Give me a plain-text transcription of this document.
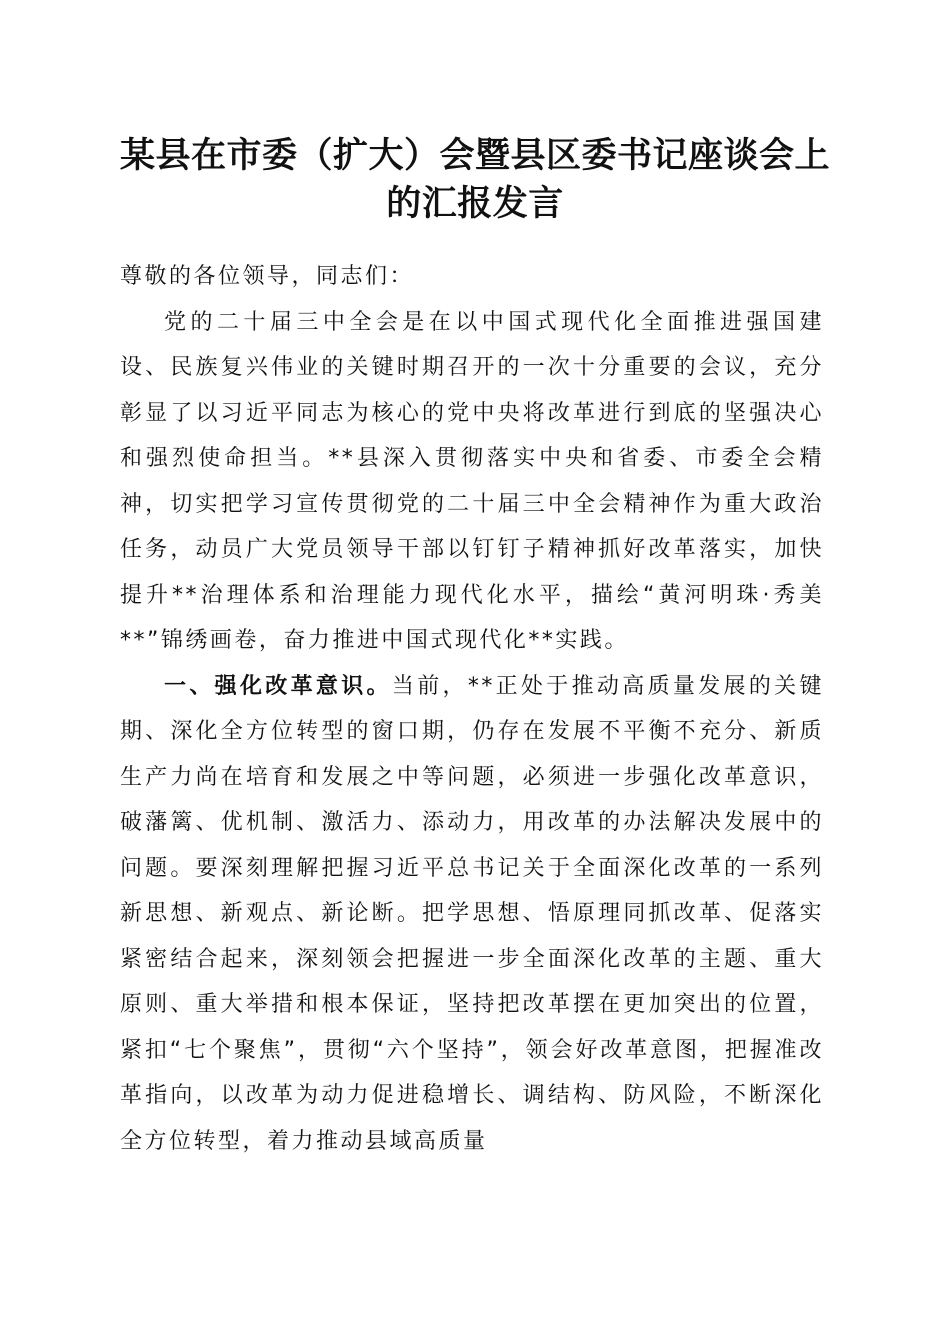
某县在市委（扩大）会暨县区委书记座谈会上的汇报发言

尊敬的各位领导，同志们：

党的二十届三中全会是在以中国式现代化全面推进强国建设、民族复兴伟业的关键时期召开的一次十分重要的会议，充分彰显了以习近平同志为核心的党中央将改革进行到底的坚强决心和强烈使命担当。**县深入贯彻落实中央和省委、市委全会精神，切实把学习宣传贯彻党的二十届三中全会精神作为重大政治任务，动员广大党员领导干部以钉钉子精神抓好改革落实，加快提升**治理体系和治理能力现代化水平，描绘“黄河明珠·秀美**”锦绣画卷，奋力推进中国式现代化**实践。

一、强化改革意识。当前，**正处于推动高质量发展的关键期、深化全方位转型的窗口期，仍存在发展不平衡不充分、新质生产力尚在培育和发展之中等问题，必须进一步强化改革意识，破藩篱、优机制、激活力、添动力，用改革的办法解决发展中的问题。要深刻理解把握习近平总书记关于全面深化改革的一系列新思想、新观点、新论断。把学思想、悟原理同抓改革、促落实紧密结合起来，深刻领会把握进一步全面深化改革的主题、重大原则、重大举措和根本保证，坚持把改革摆在更加突出的位置，紧扣“七个聚焦”，贯彻“六个坚持”，领会好改革意图，把握准改革指向，以改革为动力促进稳增长、调结构、防风险，不断深化全方位转型，着力推动县域高质量
